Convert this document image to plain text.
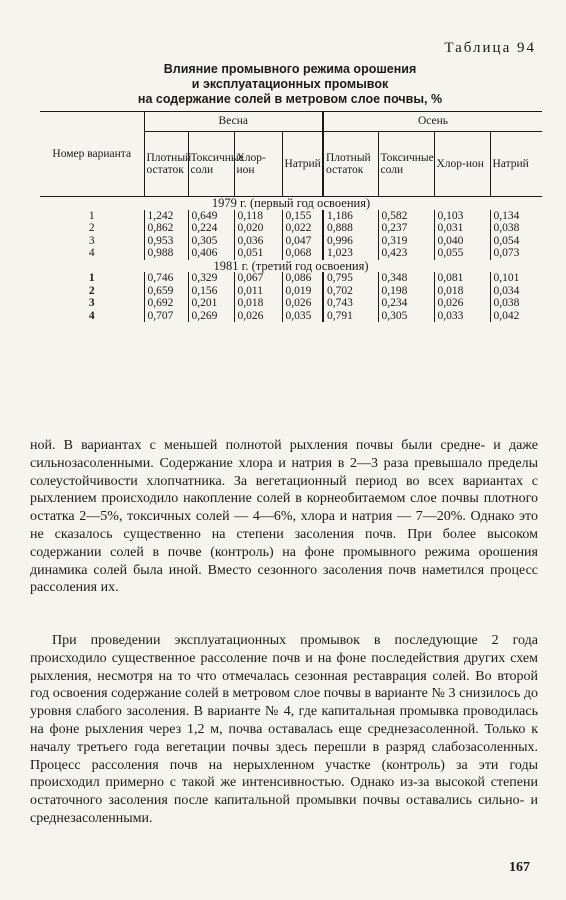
Таблица 94
Влияние промывного режима орошения
и эксплуатационных промывок
на содержание солей в метровом слое почвы, %
Номер варианта	Весна				Осень			
	Плотный остаток	Токсичные соли	Хлор-ион	Натрий	Плотный остаток	Токсичные соли	Хлор-ион	Натрий
1979 г. (первый год освоения)								
1	1,242	0,649	0,118	0,155	1,186	0,582	0,103	0,134
2	0,862	0,224	0,020	0,022	0,888	0,237	0,031	0,038
3	0,953	0,305	0,036	0,047	0,996	0,319	0,040	0,054
4	0,988	0,406	0,051	0,068	1,023	0,423	0,055	0,073
1981 г. (третий год освоения)								
1	0,746	0,329	0,067	0,086	0,795	0,348	0,081	0,101
2	0,659	0,156	0,011	0,019	0,702	0,198	0,018	0,034
3	0,692	0,201	0,018	0,026	0,743	0,234	0,026	0,038
4	0,707	0,269	0,026	0,035	0,791	0,305	0,033	0,042

ной. В вариантах с меньшей полнотой рыхления почвы были средне- и даже сильнозасоленными. Содержание хлора и натрия в 2—3 раза превышало пределы солеустойчивости хлопчатника. За вегетационный период во всех вариантах с рыхлением происходило накопление солей в корнеобитаемом слое почвы плотного остатка 2—5%, токсичных солей — 4—6%, хлора и натрия — 7—20%. Однако это не сказалось существенно на степени засоления почв. При более высоком содержании солей в почве (контроль) на фоне промывного режима орошения динамика солей была иной. Вместо сезонного засоления почв наметился процесс рассоления их.

При проведении эксплуатационных промывок в последующие 2 года происходило существенное рассоление почв и на фоне последействия других схем рыхления, несмотря на то что отмечалась сезонная реставрация солей. Во второй год освоения содержание солей в метровом слое почвы в варианте № 3 снизилось до уровня слабого засоления. В варианте № 4, где капитальная промывка проводилась на фоне рыхления через 1,2 м, почва оставалась еще среднезасоленной. Только к началу третьего года вегетации почвы здесь перешли в разряд слабозасоленных. Процесс рассоления почв на нерыхленном участке (контроль) за эти годы происходил примерно с такой же интенсивностью. Однако из-за высокой степени остаточного засоления после капитальной промывки почвы оставались сильно- и среднезасоленными.

167
